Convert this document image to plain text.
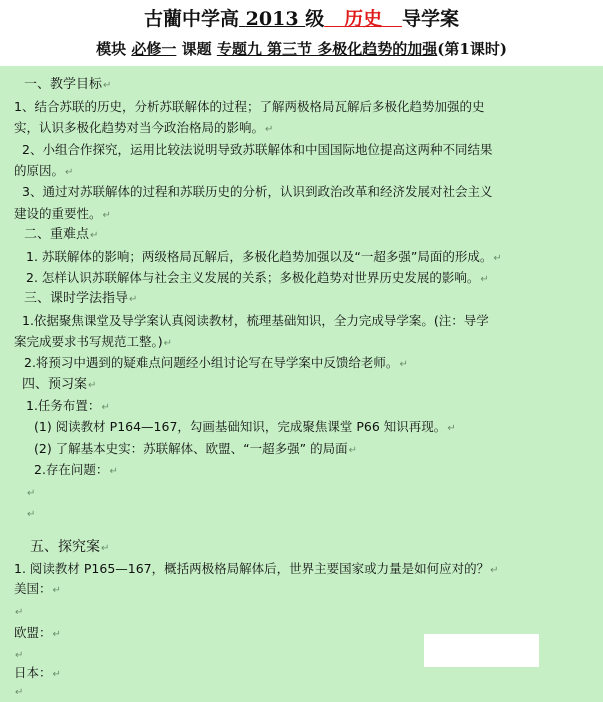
古藺中学高 2013 级 历史 导学案
模块 必修一 课题 专题九 第三节 多极化趋势的加强(第1课时)
一、教学目标↵
1、结合苏联的历史，分析苏联解体的过程；了解两极格局瓦解后多极化趋势加强的史
实，认识多极化趋势对当今政治格局的影响。↵
2、小组合作探究，运用比较法说明导致苏联解体和中国国际地位提高这两种不同结果
的原因。↵
3、通过对苏联解体的过程和苏联历史的分析，认识到政治改革和经济发展对社会主义
建设的重要性。↵
二、重难点↵
1. 苏联解体的影响；两级格局瓦解后，多极化趋势加强以及“一超多强”局面的形成。↵
2. 怎样认识苏联解体与社会主义发展的关系；多极化趋势对世界历史发展的影响。↵
三、课时学法指导↵
1.依据聚焦课堂及导学案认真阅读教材，梳理基础知识，全力完成导学案。(注：导学
案完成要求书写规范工整。)↵
2.将预习中遇到的疑难点问题经小组讨论写在导学案中反馈给老师。↵
四、预习案↵
1.任务布置：↵
(1) 阅读教材 P164—167，勾画基础知识，完成聚焦课堂 P66 知识再现。↵
(2) 了解基本史实：苏联解体、欧盟、“一超多强” 的局面↵
2.存在问题：↵
↵
↵
五、探究案↵
1. 阅读教材 P165—167，概括两极格局解体后，世界主要国家或力量是如何应对的？↵
美国：↵
↵
欧盟：↵
↵
日本：↵
↵
